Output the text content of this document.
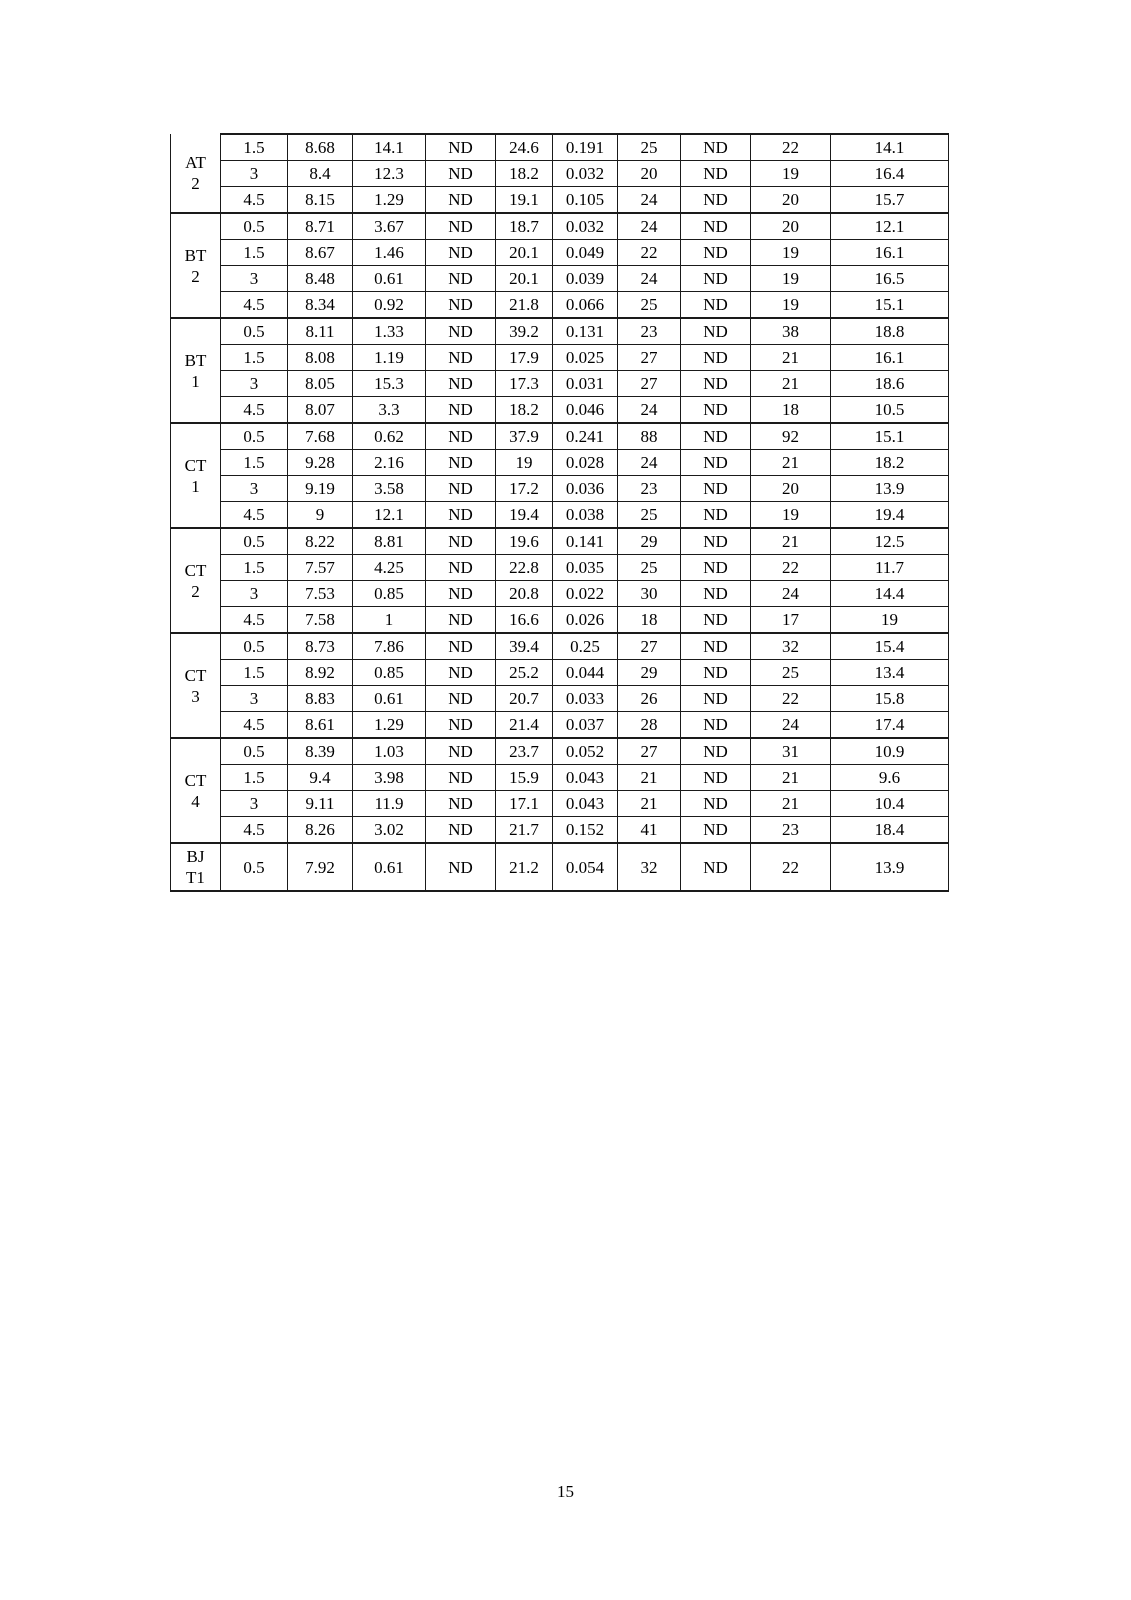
AT 2	1.5	8.68	14.1	ND	24.6	0.191	25	ND	22	14.1
	3	8.4	12.3	ND	18.2	0.032	20	ND	19	16.4
	4.5	8.15	1.29	ND	19.1	0.105	24	ND	20	15.7
BT 2	0.5	8.71	3.67	ND	18.7	0.032	24	ND	20	12.1
	1.5	8.67	1.46	ND	20.1	0.049	22	ND	19	16.1
	3	8.48	0.61	ND	20.1	0.039	24	ND	19	16.5
	4.5	8.34	0.92	ND	21.8	0.066	25	ND	19	15.1
BT 1	0.5	8.11	1.33	ND	39.2	0.131	23	ND	38	18.8
	1.5	8.08	1.19	ND	17.9	0.025	27	ND	21	16.1
	3	8.05	15.3	ND	17.3	0.031	27	ND	21	18.6
	4.5	8.07	3.3	ND	18.2	0.046	24	ND	18	10.5
CT 1	0.5	7.68	0.62	ND	37.9	0.241	88	ND	92	15.1
	1.5	9.28	2.16	ND	19	0.028	24	ND	21	18.2
	3	9.19	3.58	ND	17.2	0.036	23	ND	20	13.9
	4.5	9	12.1	ND	19.4	0.038	25	ND	19	19.4
CT 2	0.5	8.22	8.81	ND	19.6	0.141	29	ND	21	12.5
	1.5	7.57	4.25	ND	22.8	0.035	25	ND	22	11.7
	3	7.53	0.85	ND	20.8	0.022	30	ND	24	14.4
	4.5	7.58	1	ND	16.6	0.026	18	ND	17	19
CT 3	0.5	8.73	7.86	ND	39.4	0.25	27	ND	32	15.4
	1.5	8.92	0.85	ND	25.2	0.044	29	ND	25	13.4
	3	8.83	0.61	ND	20.7	0.033	26	ND	22	15.8
	4.5	8.61	1.29	ND	21.4	0.037	28	ND	24	17.4
CT 4	0.5	8.39	1.03	ND	23.7	0.052	27	ND	31	10.9
	1.5	9.4	3.98	ND	15.9	0.043	21	ND	21	9.6
	3	9.11	11.9	ND	17.1	0.043	21	ND	21	10.4
	4.5	8.26	3.02	ND	21.7	0.152	41	ND	23	18.4
BJ T1	0.5	7.92	0.61	ND	21.2	0.054	32	ND	22	13.9
15
